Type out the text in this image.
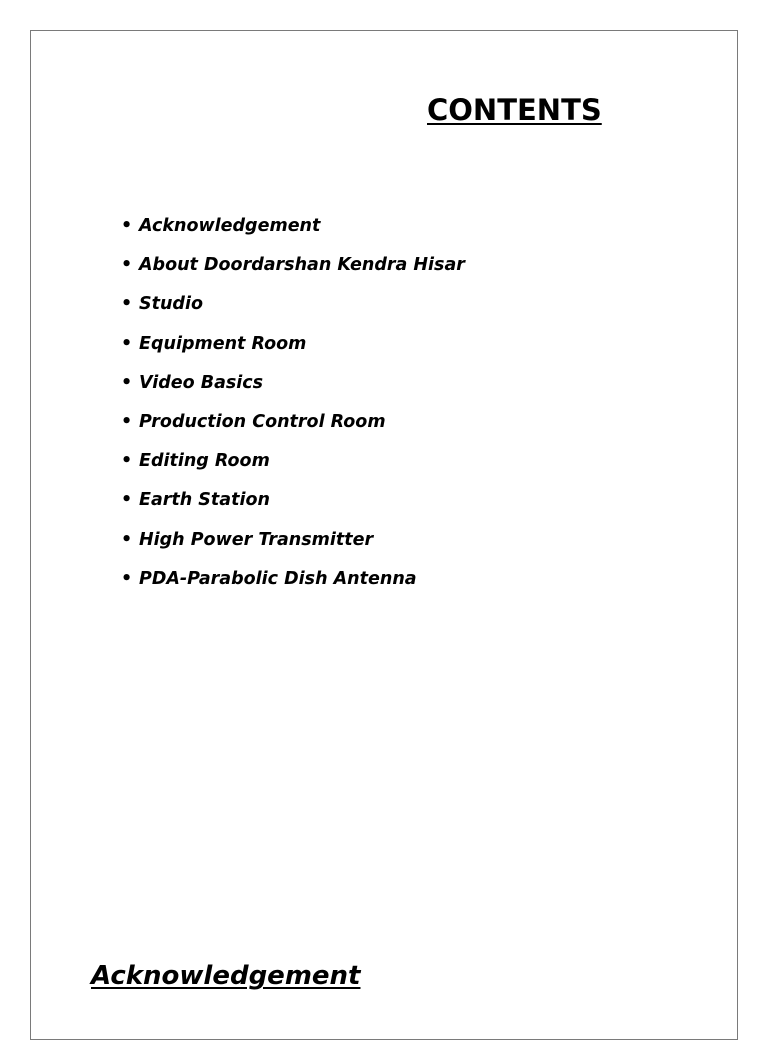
CONTENTS
• Acknowledgement
• About Doordarshan Kendra Hisar
• Studio
• Equipment Room
• Video Basics
• Production Control Room
• Editing Room
• Earth Station
• High Power Transmitter
• PDA-Parabolic Dish Antenna
Acknowledgement
